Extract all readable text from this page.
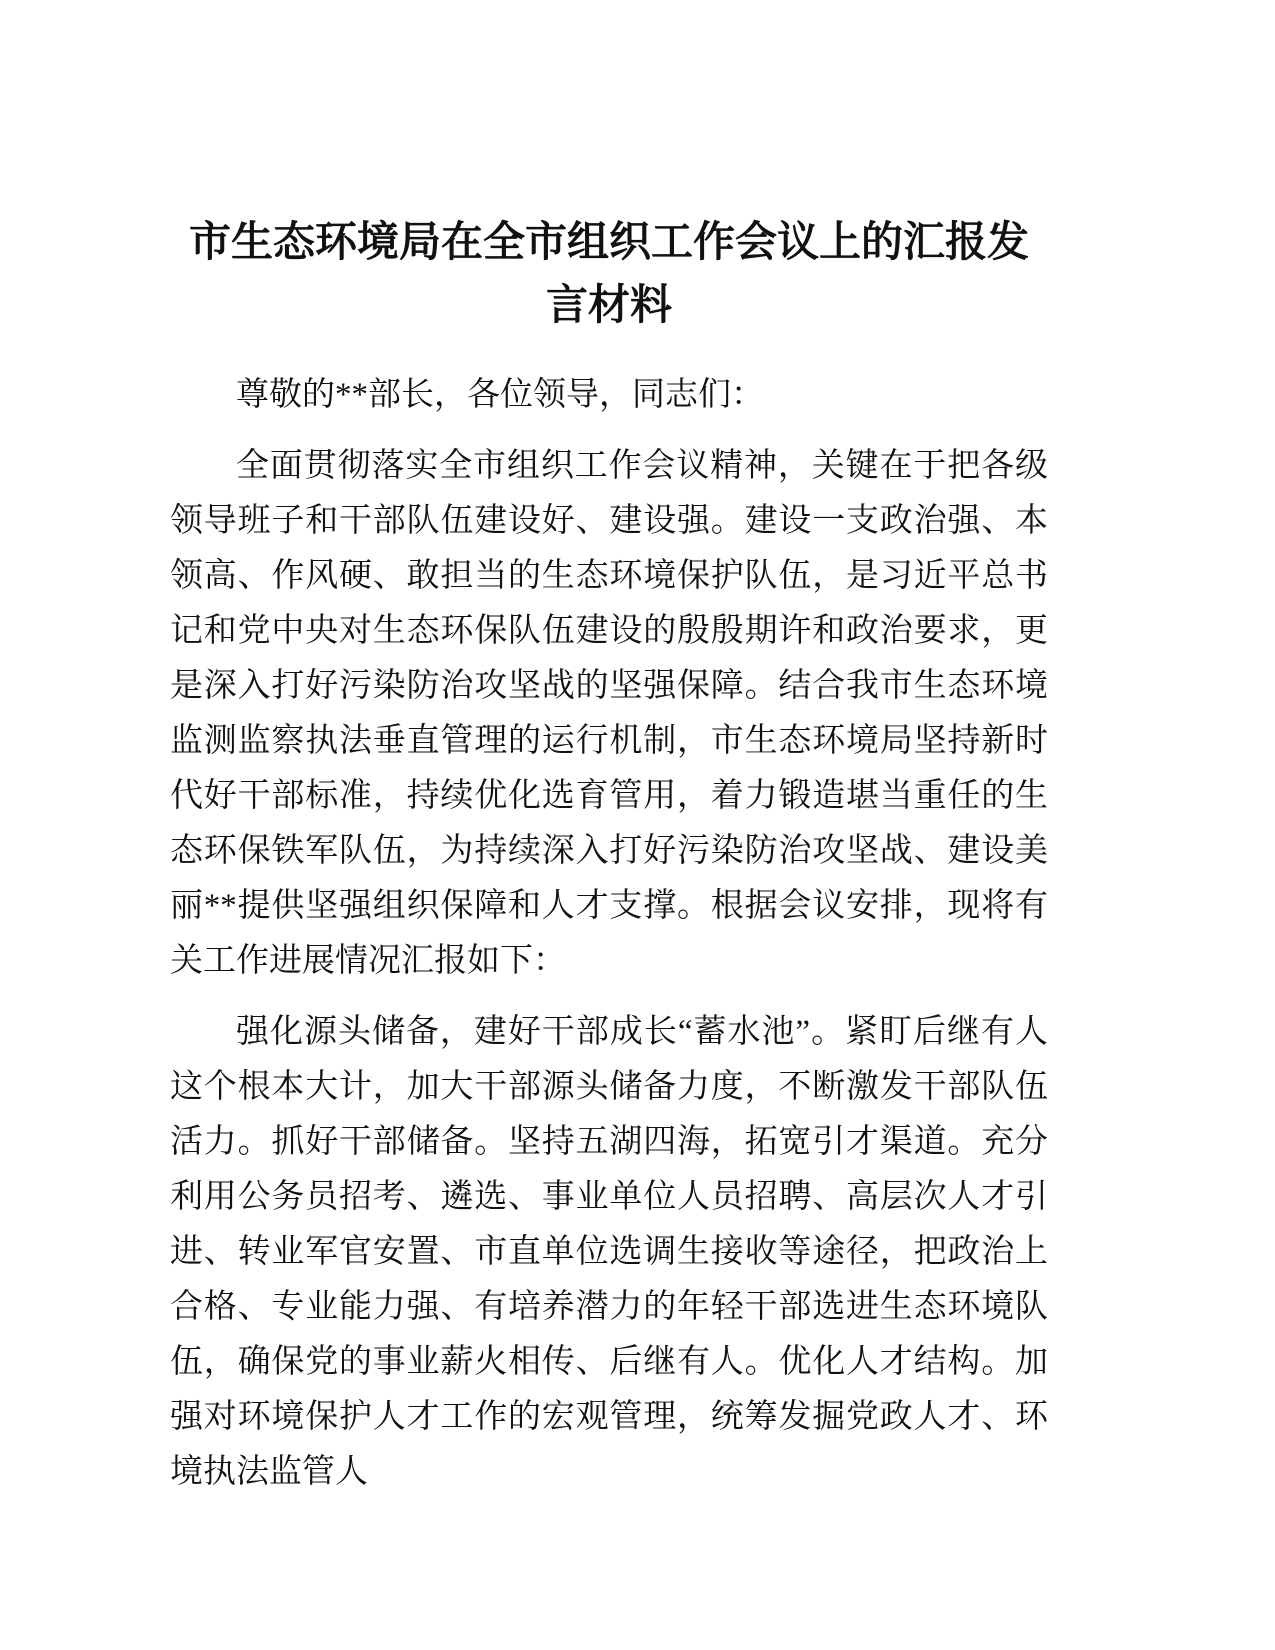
市生态环境局在全市组织工作会议上的汇报发言材料

尊敬的**部长，各位领导，同志们：

全面贯彻落实全市组织工作会议精神，关键在于把各级领导班子和干部队伍建设好、建设强。建设一支政治强、本领高、作风硬、敢担当的生态环境保护队伍，是习近平总书记和党中央对生态环保队伍建设的殷殷期许和政治要求，更是深入打好污染防治攻坚战的坚强保障。结合我市生态环境监测监察执法垂直管理的运行机制，市生态环境局坚持新时代好干部标准，持续优化选育管用，着力锻造堪当重任的生态环保铁军队伍，为持续深入打好污染防治攻坚战、建设美丽**提供坚强组织保障和人才支撑。根据会议安排，现将有关工作进展情况汇报如下：

强化源头储备，建好干部成长“蓄水池”。紧盯后继有人这个根本大计，加大干部源头储备力度，不断激发干部队伍活力。抓好干部储备。坚持五湖四海，拓宽引才渠道。充分利用公务员招考、遴选、事业单位人员招聘、高层次人才引进、转业军官安置、市直单位选调生接收等途径，把政治上合格、专业能力强、有培养潜力的年轻干部选进生态环境队伍，确保党的事业薪火相传、后继有人。优化人才结构。加强对环境保护人才工作的宏观管理，统筹发掘党政人才、环境执法监管人
